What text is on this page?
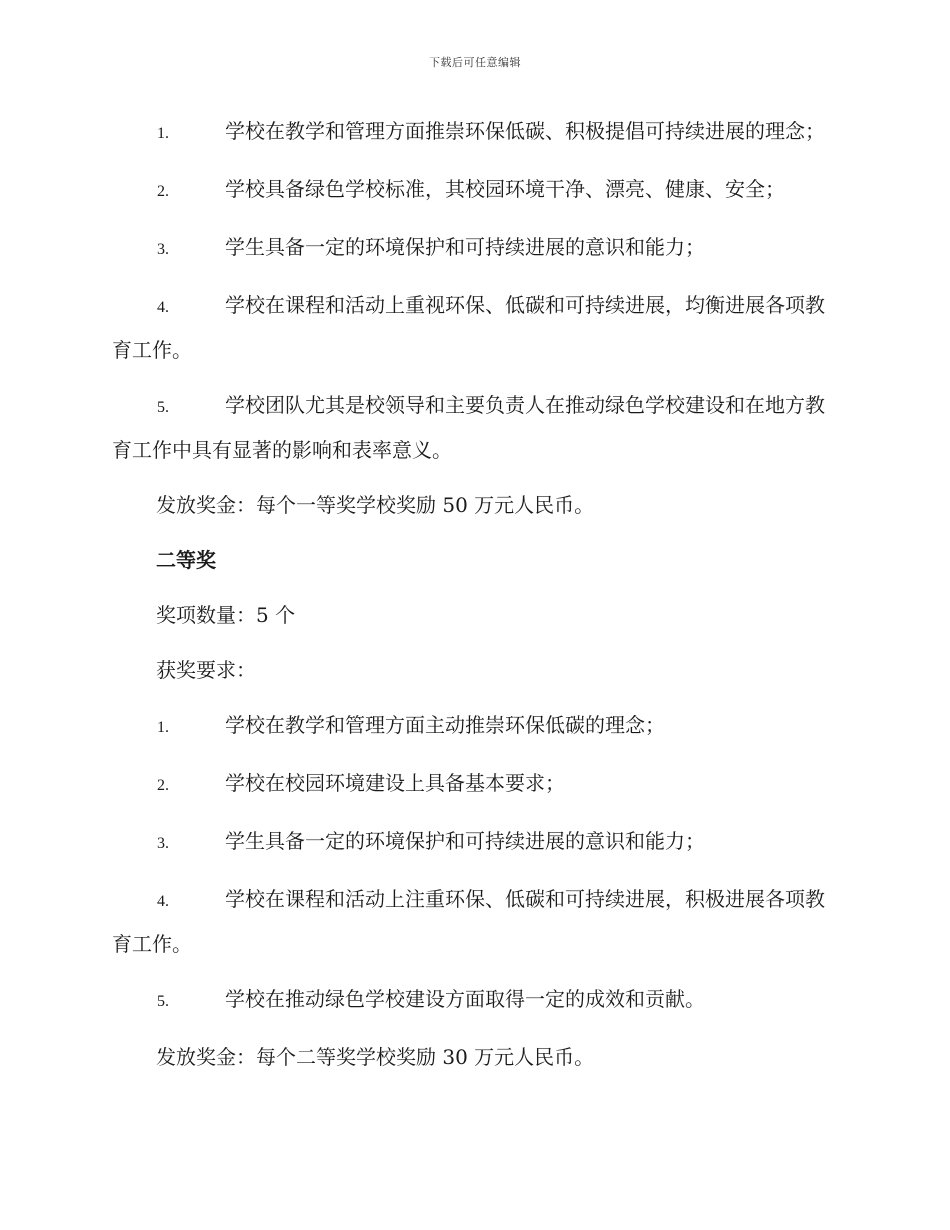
下载后可任意编辑

1.	学校在教学和管理方面推崇环保低碳、积极提倡可持续进展的理念；

2.	学校具备绿色学校标准，其校园环境干净、漂亮、健康、安全；

3.	学生具备一定的环境保护和可持续进展的意识和能力；

4.	学校在课程和活动上重视环保、低碳和可持续进展，均衡进展各项教育工作。

5.	学校团队尤其是校领导和主要负责人在推动绿色学校建设和在地方教育工作中具有显著的影响和表率意义。

发放奖金：每个一等奖学校奖励 50 万元人民币。

二等奖

奖项数量：5 个

获奖要求：

1.	学校在教学和管理方面主动推崇环保低碳的理念；

2.	学校在校园环境建设上具备基本要求；

3.	学生具备一定的环境保护和可持续进展的意识和能力；

4.	学校在课程和活动上注重环保、低碳和可持续进展，积极进展各项教育工作。

5.	学校在推动绿色学校建设方面取得一定的成效和贡献。

发放奖金：每个二等奖学校奖励 30 万元人民币。
